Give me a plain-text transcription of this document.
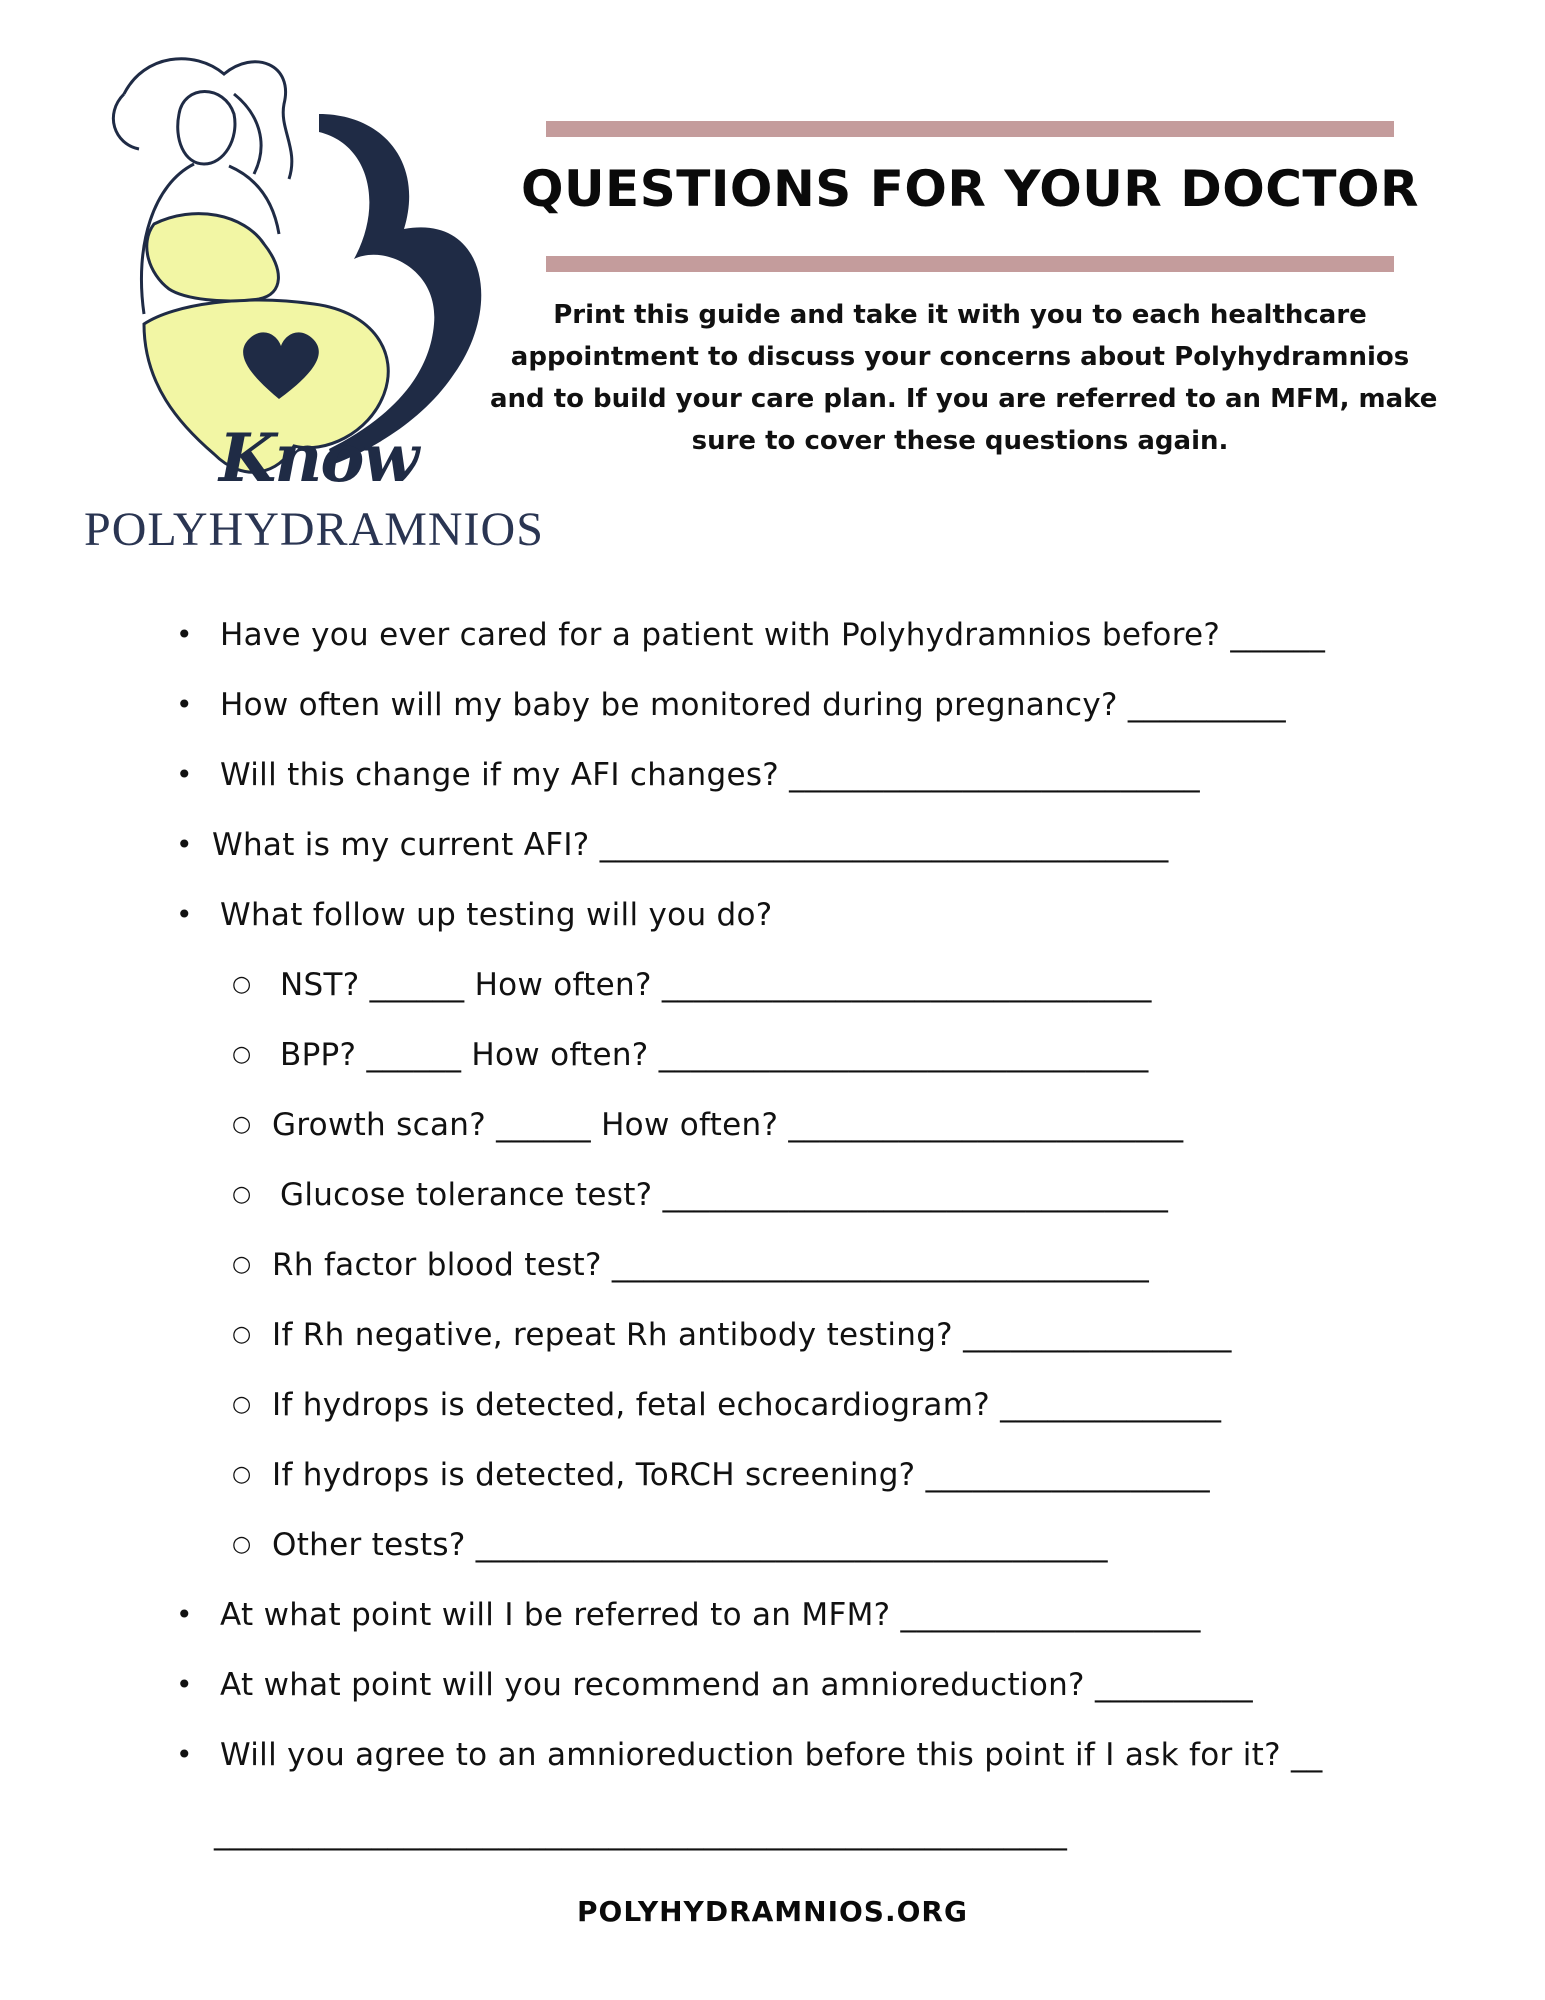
Know
POLYHYDRAMNIOS
QUESTIONS FOR YOUR DOCTOR
Print this guide and take it with you to each healthcare
appointment to discuss your concerns about Polyhydramnios
and to build your care plan. If you are referred to an MFM, make
sure to cover these questions again.
• Have you ever cared for a patient with Polyhydramnios before? ______
• How often will my baby be monitored during pregnancy? __________
• Will this change if my AFI changes? __________________________
• What is my current AFI? ____________________________________
• What follow up testing will you do?
○ NST? ______ How often? _______________________________
○ BPP? ______ How often? _______________________________
○ Growth scan? ______ How often? _________________________
○ Glucose tolerance test? ________________________________
○ Rh factor blood test? __________________________________
○ If Rh negative, repeat Rh antibody testing? _________________
○ If hydrops is detected, fetal echocardiogram? ______________
○ If hydrops is detected, ToRCH screening? __________________
○ Other tests? ________________________________________
• At what point will I be referred to an MFM? ___________________
• At what point will you recommend an amnioreduction? __________
• Will you agree to an amnioreduction before this point if I ask for it? __
______________________________________________________
POLYHYDRAMNIOS.ORG
